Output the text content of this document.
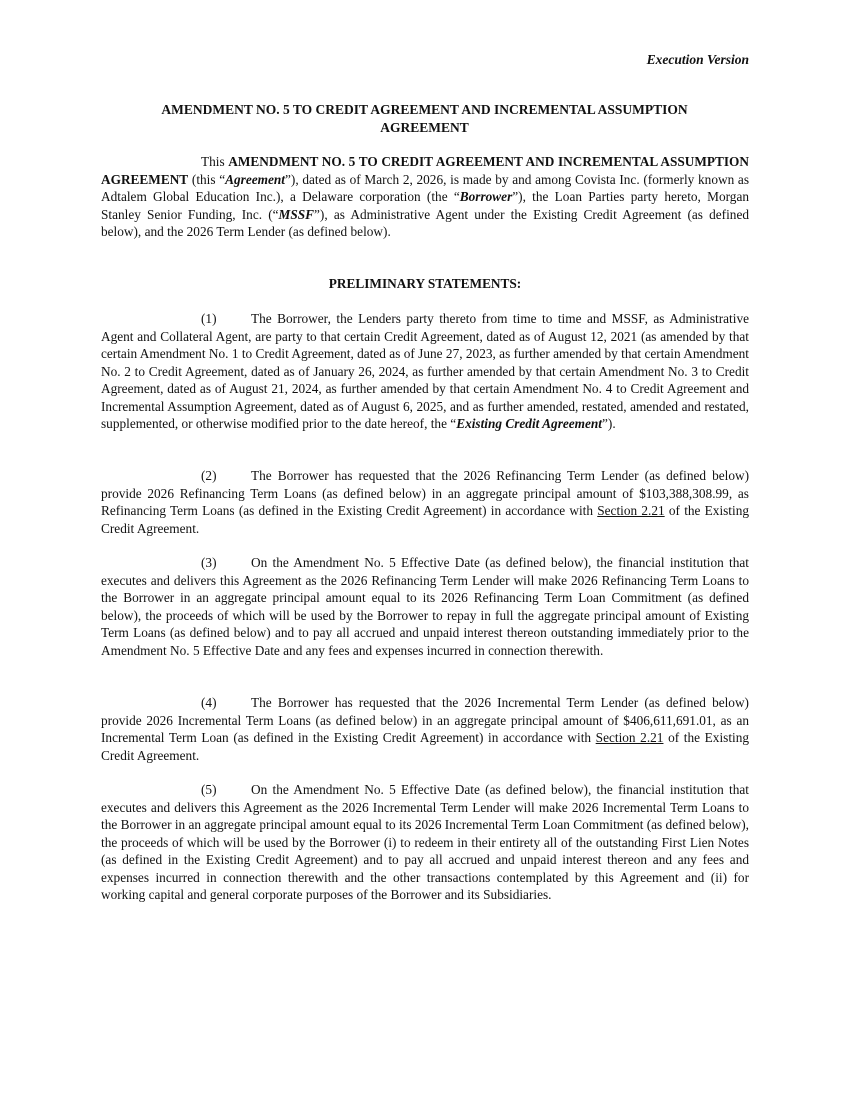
Execution Version
AMENDMENT NO. 5 TO CREDIT AGREEMENT AND INCREMENTAL ASSUMPTION
AGREEMENT

This AMENDMENT NO. 5 TO CREDIT AGREEMENT AND INCREMENTAL ASSUMPTION AGREEMENT (this “Agreement”), dated as of March 2, 2026, is made by and among Covista Inc. (formerly known as Adtalem Global Education Inc.), a Delaware corporation (the “Borrower”), the Loan Parties party hereto, Morgan Stanley Senior Funding, Inc. (“MSSF”), as Administrative Agent under the Existing Credit Agreement (as defined below), and the 2026 Term Lender (as defined below).

PRELIMINARY STATEMENTS:

(1)	The Borrower, the Lenders party thereto from time to time and MSSF, as Administrative Agent and Collateral Agent, are party to that certain Credit Agreement, dated as of August 12, 2021 (as amended by that certain Amendment No. 1 to Credit Agreement, dated as of June 27, 2023, as further amended by that certain Amendment No. 2 to Credit Agreement, dated as of January 26, 2024, as further amended by that certain Amendment No. 3 to Credit Agreement, dated as of August 21, 2024, as further amended by that certain Amendment No. 4 to Credit Agreement and Incremental Assumption Agreement, dated as of August 6, 2025, and as further amended, restated, amended and restated, supplemented, or otherwise modified prior to the date hereof, the “Existing Credit Agreement”).

(2)	The Borrower has requested that the 2026 Refinancing Term Lender (as defined below) provide 2026 Refinancing Term Loans (as defined below) in an aggregate principal amount of $103,388,308.99, as Refinancing Term Loans (as defined in the Existing Credit Agreement) in accordance with Section 2.21 of the Existing Credit Agreement.

(3)	On the Amendment No. 5 Effective Date (as defined below), the financial institution that executes and delivers this Agreement as the 2026 Refinancing Term Lender will make 2026 Refinancing Term Loans to the Borrower in an aggregate principal amount equal to its 2026 Refinancing Term Loan Commitment (as defined below), the proceeds of which will be used by the Borrower to repay in full the aggregate principal amount of Existing Term Loans (as defined below) and to pay all accrued and unpaid interest thereon outstanding immediately prior to the Amendment No. 5 Effective Date and any fees and expenses incurred in connection therewith.

(4)	The Borrower has requested that the 2026 Incremental Term Lender (as defined below) provide 2026 Incremental Term Loans (as defined below) in an aggregate principal amount of $406,611,691.01, as an Incremental Term Loan (as defined in the Existing Credit Agreement) in accordance with Section 2.21 of the Existing Credit Agreement.

(5)	On the Amendment No. 5 Effective Date (as defined below), the financial institution that executes and delivers this Agreement as the 2026 Incremental Term Lender will make 2026 Incremental Term Loans to the Borrower in an aggregate principal amount equal to its 2026 Incremental Term Loan Commitment (as defined below), the proceeds of which will be used by the Borrower (i) to redeem in their entirety all of the outstanding First Lien Notes (as defined in the Existing Credit Agreement) and to pay all accrued and unpaid interest thereon and any fees and expenses incurred in connection therewith and the other transactions contemplated by this Agreement and (ii) for working capital and general corporate purposes of the Borrower and its Subsidiaries.
